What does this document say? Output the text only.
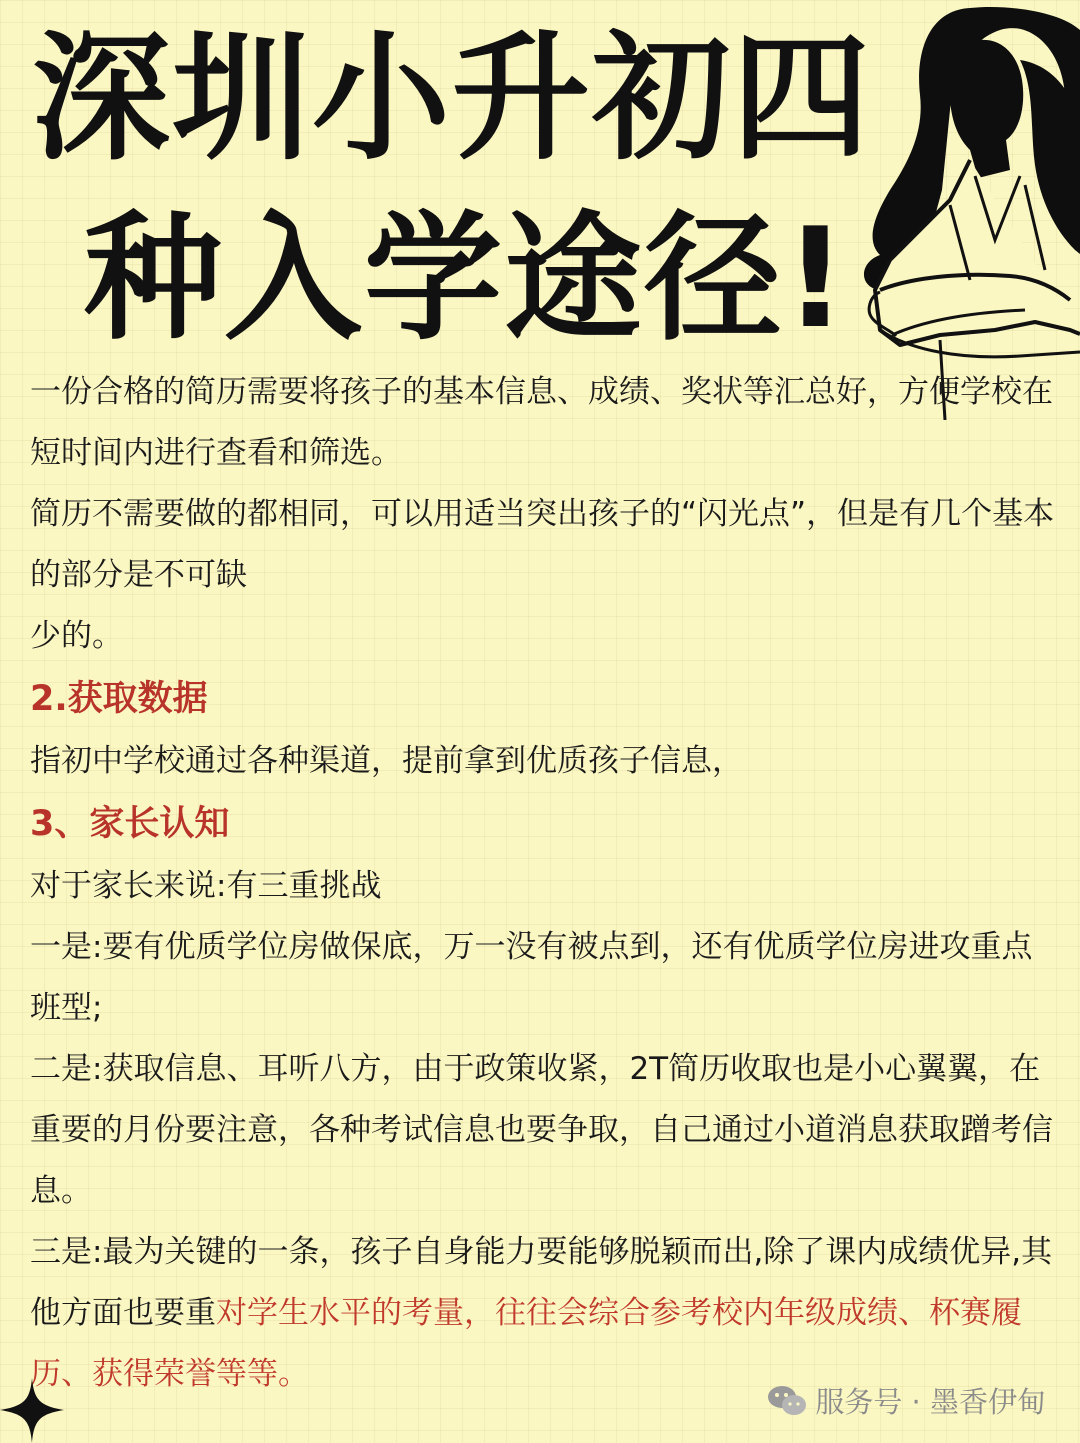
深圳小升初四
种入学途径!

一份合格的简历需要将孩子的基本信息、成绩、奖状等汇总好，方便学校在短时间内进行查看和筛选。

简历不需要做的都相同，可以用适当突出孩子的“闪光点”，但是有几个基本的部分是不可缺

少的。

2.获取数据

指初中学校通过各种渠道，提前拿到优质孩子信息，

3、家长认知

对于家长来说:有三重挑战

一是:要有优质学位房做保底，万一没有被点到，还有优质学位房进攻重点班型;

二是:获取信息、耳听八方，由于政策收紧，2T简历收取也是小心翼翼，在重要的月份要注意，各种考试信息也要争取，自己通过小道消息获取蹭考信息。

三是:最为关键的一条，孩子自身能力要能够脱颖而出,除了课内成绩优异,其他方面也要重对学生水平的考量，往往会综合参考校内年级成绩、杯赛履历、获得荣誉等等。

服务号 · 墨香伊甸
